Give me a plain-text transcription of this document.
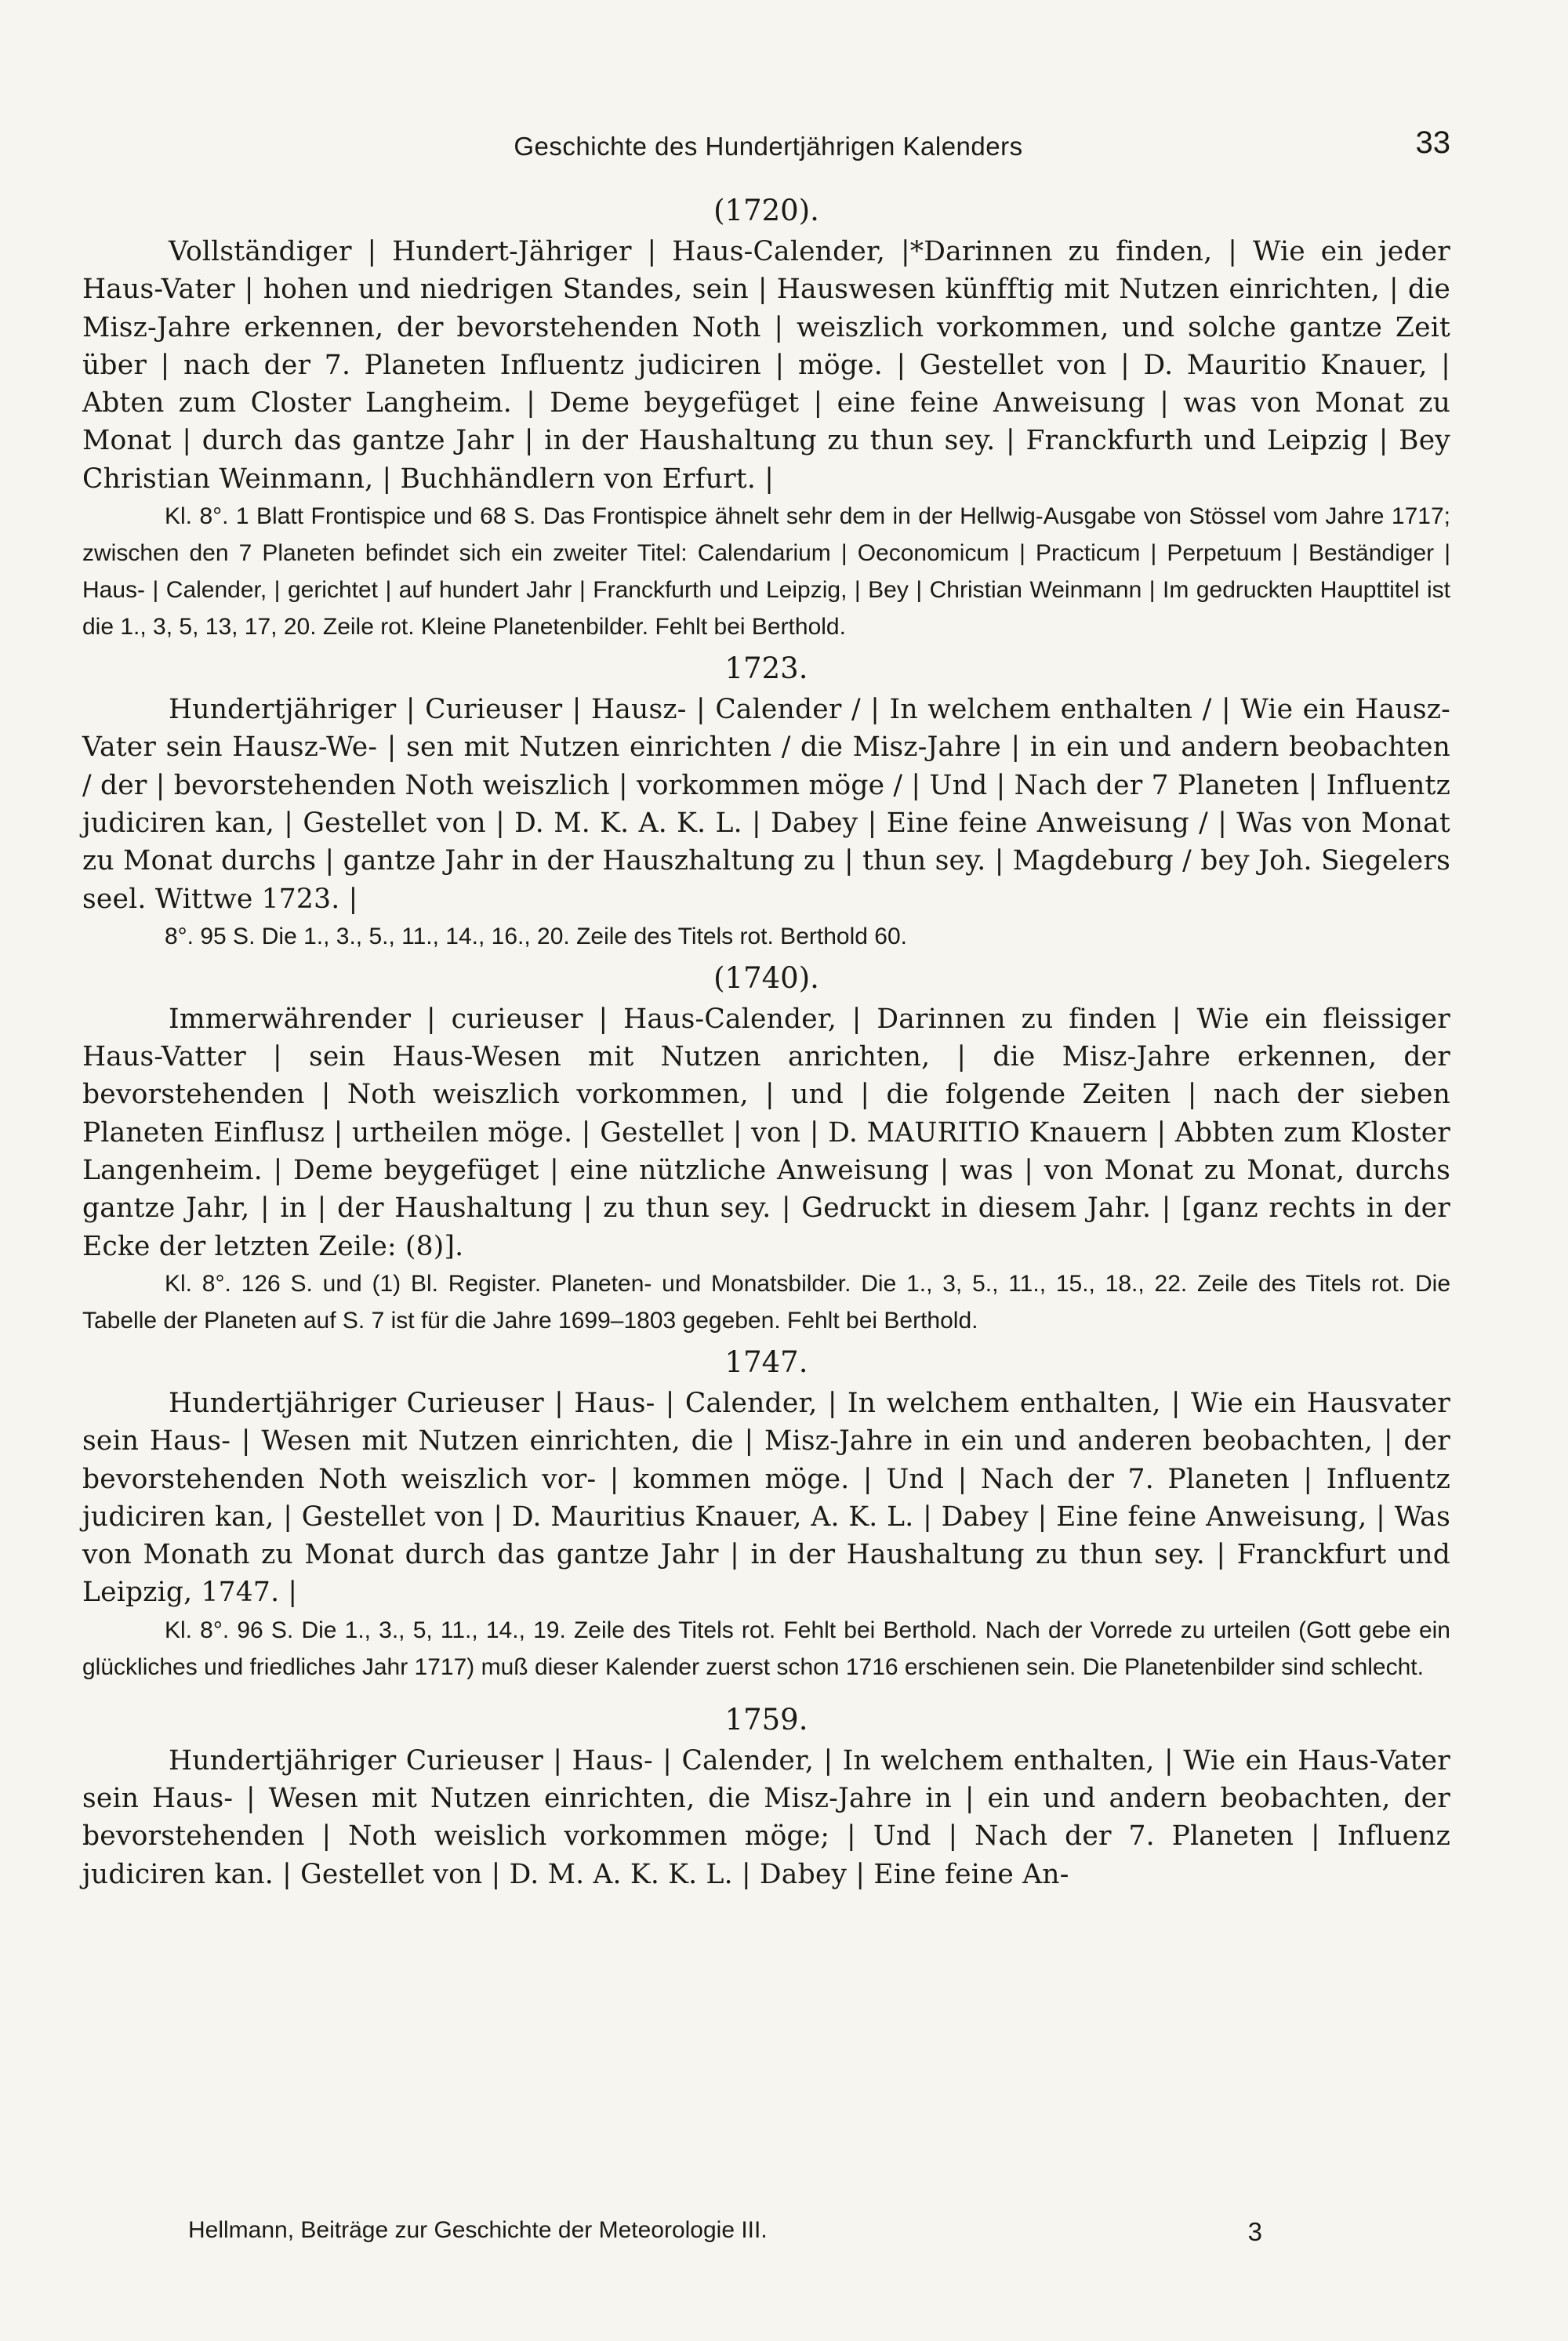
Geschichte des Hundertjährigen Kalenders	33
(1720).

Vollständiger | Hundert-Jähriger | Haus-Calender, |*Darinnen zu finden, | Wie ein jeder Haus-Vater | hohen und niedrigen Standes, sein | Hauswesen künfftig mit Nutzen einrichten, | die Misz-Jahre erkennen, der bevorstehenden Noth | weiszlich vorkommen, und solche gantze Zeit über | nach der 7. Planeten Influentz judiciren | möge. | Gestellet von | D. Mauritio Knauer, | Abten zum Closter Langheim. | Deme beygefüget | eine feine Anweisung | was von Monat zu Monat | durch das gantze Jahr | in der Haushaltung zu thun sey. | Franckfurth und Leipzig | Bey Christian Weinmann, | Buchhändlern von Erfurt. |

Kl. 8°. 1 Blatt Frontispice und 68 S. Das Frontispice ähnelt sehr dem in der Hellwig-Ausgabe von Stössel vom Jahre 1717; zwischen den 7 Planeten befindet sich ein zweiter Titel: Calendarium | Oeconomicum | Practicum | Perpetuum | Beständiger | Haus- | Calender, | gerichtet | auf hundert Jahr | Franckfurth und Leipzig, | Bey | Christian Weinmann | Im gedruckten Haupttitel ist die 1., 3, 5, 13, 17, 20. Zeile rot. Kleine Planetenbilder. Fehlt bei Berthold.

1723.

Hundertjähriger | Curieuser | Hausz- | Calender / | In welchem enthalten / | Wie ein Hausz-Vater sein Hausz-We- | sen mit Nutzen einrichten / die Misz-Jahre | in ein und andern beobachten / der | bevorstehenden Noth weiszlich | vorkommen möge / | Und | Nach der 7 Planeten | Influentz judiciren kan, | Gestellet von | D. M. K. A. K. L. | Dabey | Eine feine Anweisung / | Was von Monat zu Monat durchs | gantze Jahr in der Hauszhaltung zu | thun sey. | Magdeburg / bey Joh. Siegelers seel. Wittwe 1723. |

8°. 95 S. Die 1., 3., 5., 11., 14., 16., 20. Zeile des Titels rot. Berthold 60.

(1740).

Immerwährender | curieuser | Haus-Calender, | Darinnen zu finden | Wie ein fleissiger Haus-Vatter | sein Haus-Wesen mit Nutzen anrichten, | die Misz-Jahre erkennen, der bevorstehenden | Noth weiszlich vorkommen, | und | die folgende Zeiten | nach der sieben Planeten Einflusz | urtheilen möge. | Gestellet | von | D. MAURITIO Knauern | Abbten zum Kloster Langenheim. | Deme beygefüget | eine nützliche Anweisung | was | von Monat zu Monat, durchs gantze Jahr, | in | der Haushaltung | zu thun sey. | Gedruckt in diesem Jahr. | [ganz rechts in der Ecke der letzten Zeile: (8)].

Kl. 8°. 126 S. und (1) Bl. Register. Planeten- und Monatsbilder. Die 1., 3, 5., 11., 15., 18., 22. Zeile des Titels rot. Die Tabelle der Planeten auf S. 7 ist für die Jahre 1699–1803 gegeben. Fehlt bei Berthold.

1747.

Hundertjähriger Curieuser | Haus- | Calender, | In welchem enthalten, | Wie ein Hausvater sein Haus- | Wesen mit Nutzen einrichten, die | Misz-Jahre in ein und anderen beobachten, | der bevorstehenden Noth weiszlich vor- | kommen möge. | Und | Nach der 7. Planeten | Influentz judiciren kan, | Gestellet von | D. Mauritius Knauer, A. K. L. | Dabey | Eine feine Anweisung, | Was von Monath zu Monat durch das gantze Jahr | in der Haushaltung zu thun sey. | Franckfurt und Leipzig, 1747. |

Kl. 8°. 96 S. Die 1., 3., 5, 11., 14., 19. Zeile des Titels rot. Fehlt bei Berthold. Nach der Vorrede zu urteilen (Gott gebe ein glückliches und friedliches Jahr 1717) muß dieser Kalender zuerst schon 1716 erschienen sein. Die Planetenbilder sind schlecht.

1759.

Hundertjähriger Curieuser | Haus- | Calender, | In welchem enthalten, | Wie ein Haus-Vater sein Haus- | Wesen mit Nutzen einrichten, die Misz-Jahre in | ein und andern beobachten, der bevorstehenden | Noth weislich vorkommen möge; | Und | Nach der 7. Planeten | Influenz judiciren kan. | Gestellet von | D. M. A. K. K. L. | Dabey | Eine feine An-

Hellmann, Beiträge zur Geschichte der Meteorologie III.	3
